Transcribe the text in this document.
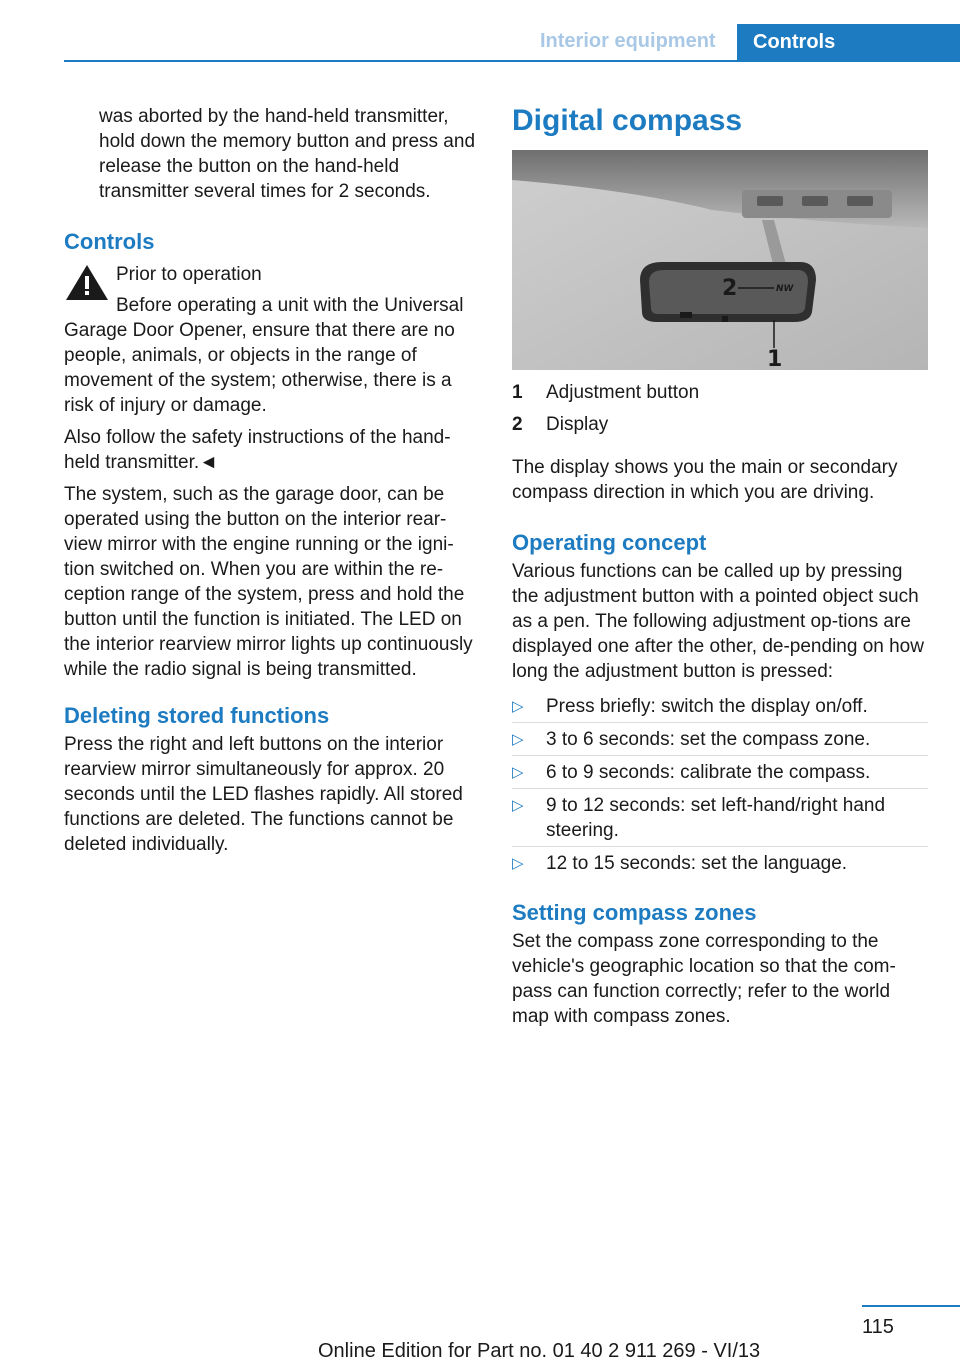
Interior equipment	Controls

was aborted by the hand-held transmitter, hold down the memory button and press and release the button on the hand-held transmitter several times for 2 seconds.

Controls

Prior to operation

Before operating a unit with the Universal Garage Door Opener, ensure that there are no people, animals, or objects in the range of movement of the system; otherwise, there is a risk of injury or damage.

Also follow the safety instructions of the hand-held transmitter.◄

The system, such as the garage door, can be operated using the button on the interior rear-view mirror with the engine running or the igni-tion switched on. When you are within the re-ception range of the system, press and hold the button until the function is initiated. The LED on the interior rearview mirror lights up continuously while the radio signal is being transmitted.

Deleting stored functions

Press the right and left buttons on the interior rearview mirror simultaneously for approx. 20 seconds until the LED flashes rapidly. All stored functions are deleted. The functions cannot be deleted individually.

Digital compass
2	NW
1
1	Adjustment button
2	Display

The display shows you the main or secondary compass direction in which you are driving.

Operating concept

Various functions can be called up by pressing the adjustment button with a pointed object such as a pen. The following adjustment op-tions are displayed one after the other, de-pending on how long the adjustment button is pressed:

▷	Press briefly: switch the display on/off.
▷	3 to 6 seconds: set the compass zone.
▷	6 to 9 seconds: calibrate the compass.
▷	9 to 12 seconds: set left-hand/right hand steering.
▷	12 to 15 seconds: set the language.
Setting compass zones

Set the compass zone corresponding to the vehicle's geographic location so that the com-pass can function correctly; refer to the world map with compass zones.

115
Online Edition for Part no. 01 40 2 911 269 - VI/13
